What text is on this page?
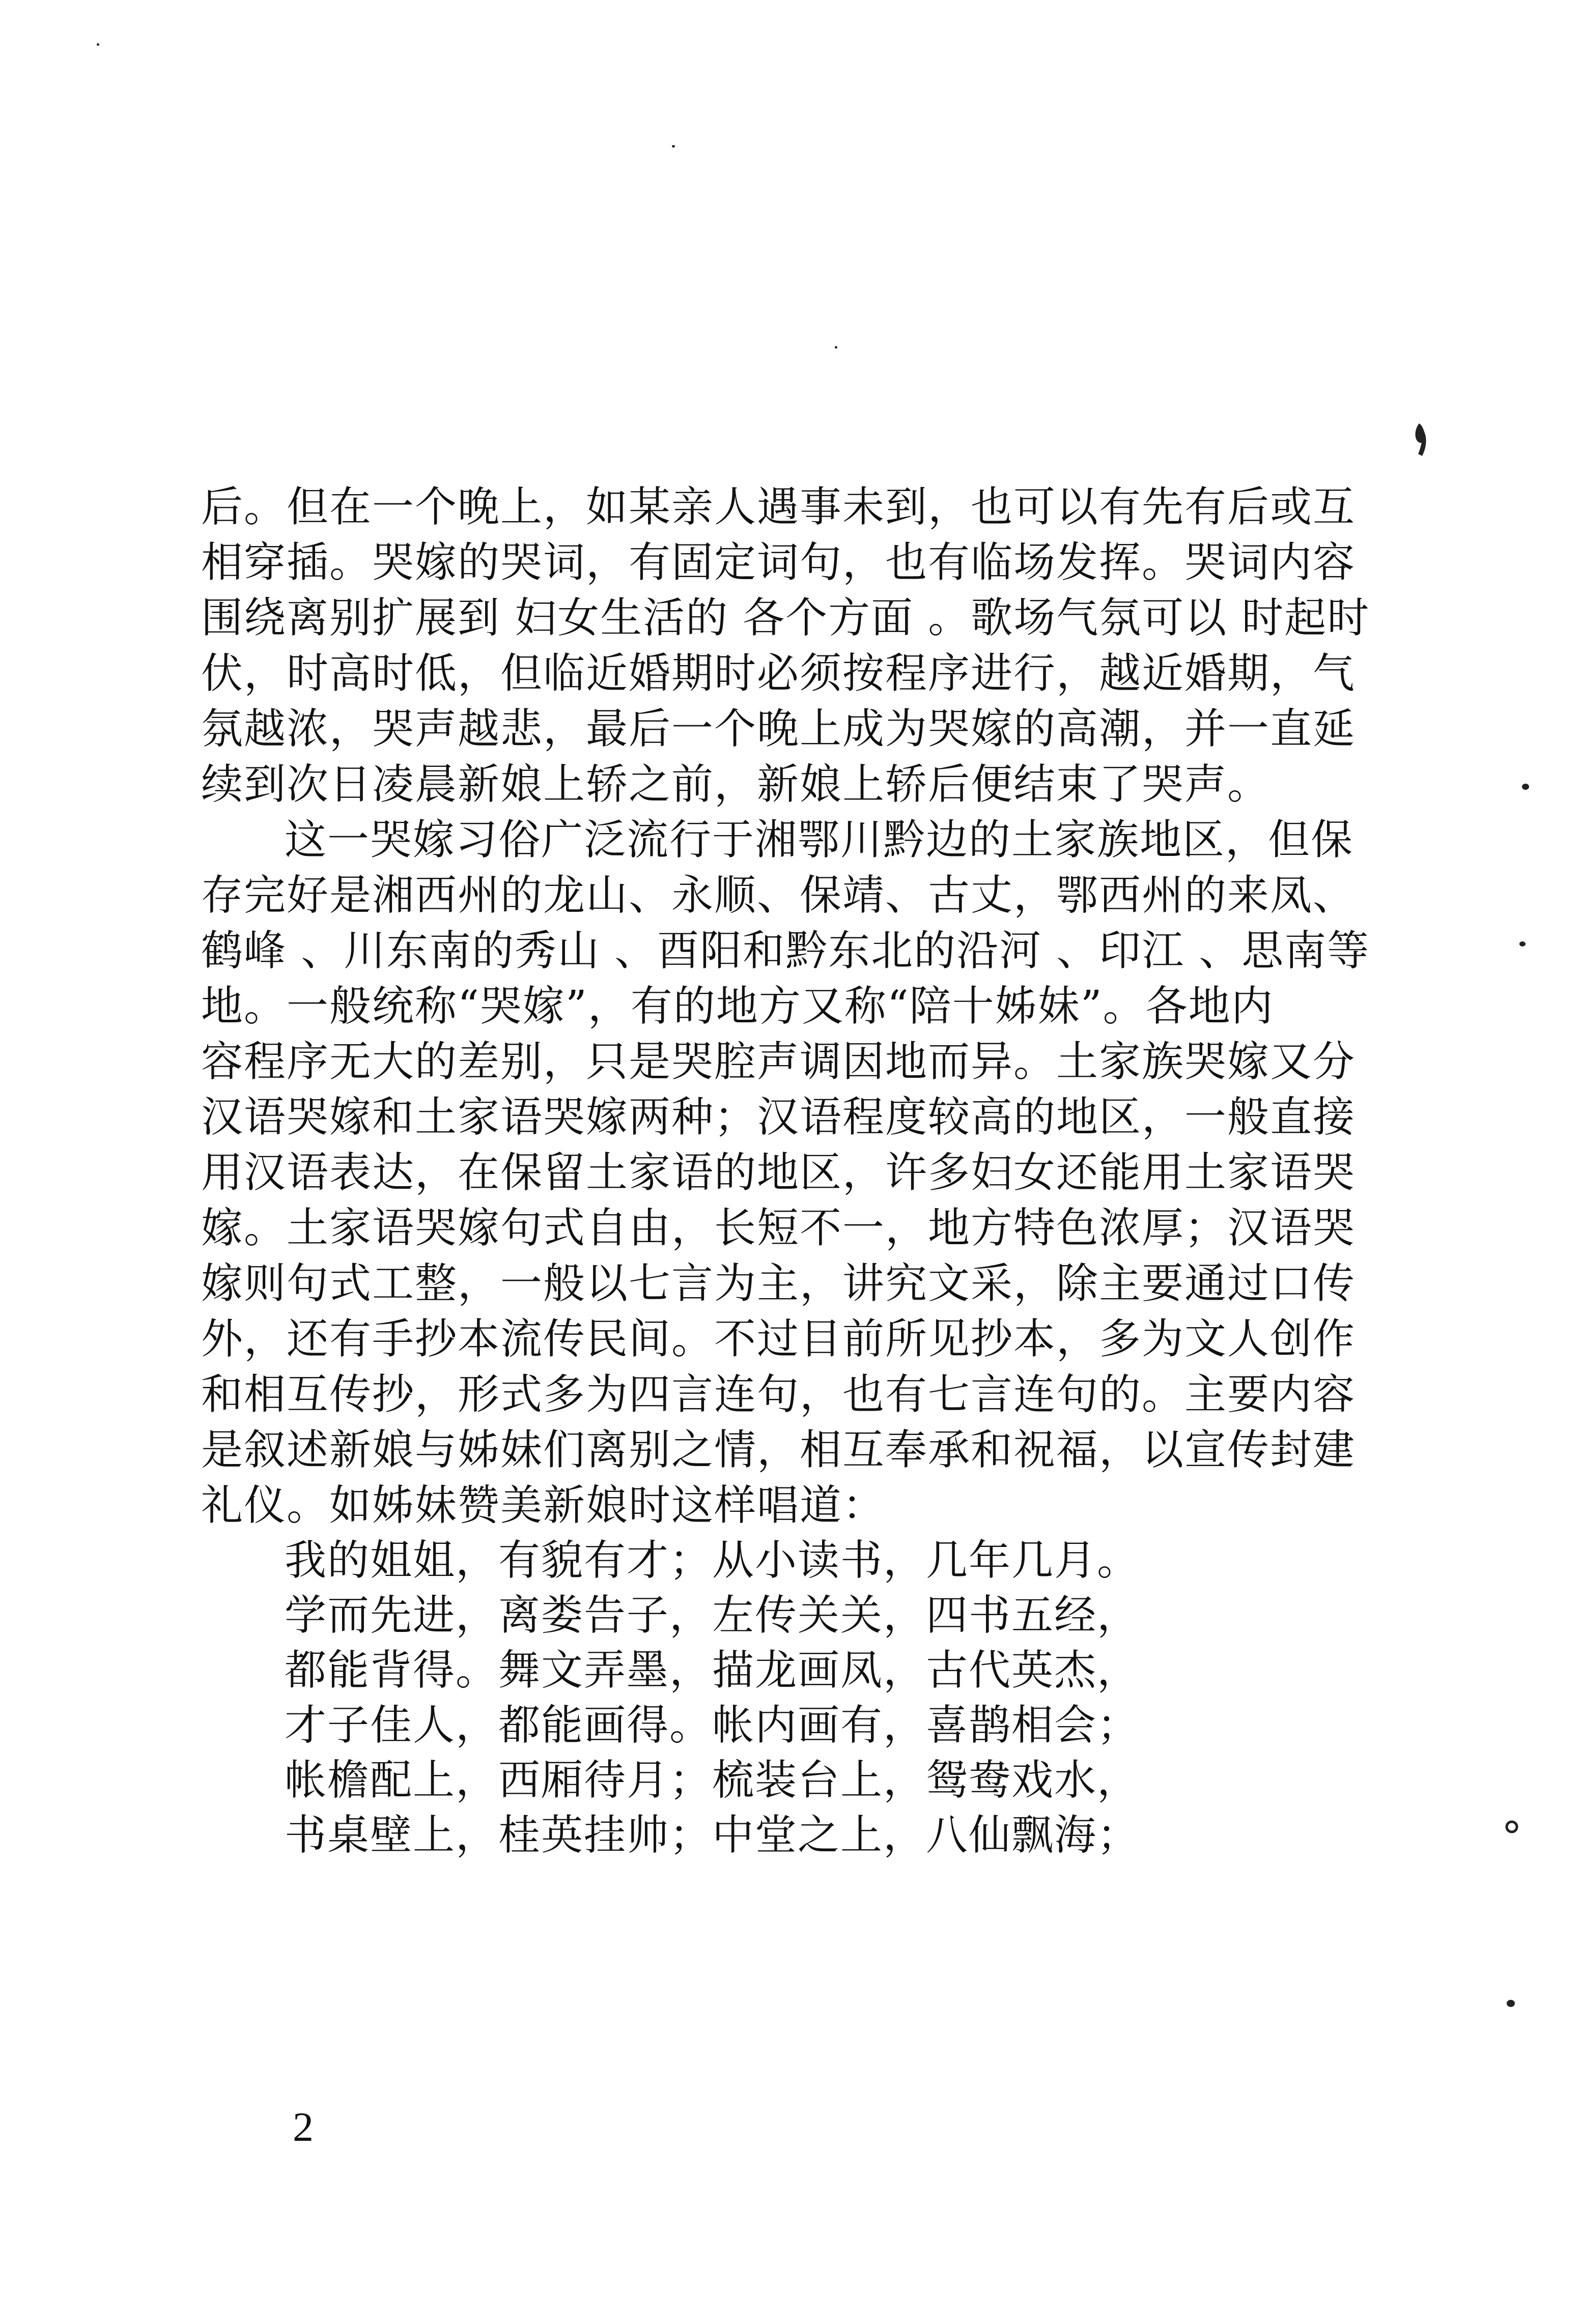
后。但在一个晚上，如某亲人遇事未到，也可以有先有后或互
相穿插。哭嫁的哭词，有固定词句，也有临场发挥。哭词内容
围绕离别扩展到 妇女生活的 各个方面 。歌场气氛可以 时起时
伏，时高时低，但临近婚期时必须按程序进行，越近婚期，气
氛越浓，哭声越悲，最后一个晚上成为哭嫁的高潮，并一直延
续到次日凌晨新娘上轿之前，新娘上轿后便结束了哭声。
这一哭嫁习俗广泛流行于湘鄂川黔边的土家族地区，但保
存完好是湘西州的龙山、永顺、保靖、古丈，鄂西州的来凤、
鹤峰 、川东南的秀山 、酉阳和黔东北的沿河 、印江 、思南等
地。一般统称“哭嫁”，有的地方又称“陪十姊妹”。各地内
容程序无大的差别，只是哭腔声调因地而异。土家族哭嫁又分
汉语哭嫁和土家语哭嫁两种；汉语程度较高的地区，一般直接
用汉语表达，在保留土家语的地区，许多妇女还能用土家语哭
嫁。土家语哭嫁句式自由，长短不一，地方特色浓厚；汉语哭
嫁则句式工整，一般以七言为主，讲究文采，除主要通过口传
外，还有手抄本流传民间。不过目前所见抄本，多为文人创作
和相互传抄，形式多为四言连句，也有七言连句的。主要内容
是叙述新娘与姊妹们离别之情，相互奉承和祝福，以宣传封建
礼仪。如姊妹赞美新娘时这样唱道：
我的姐姐，有貌有才；从小读书，几年几月。
学而先进，离娄告子，左传关关，四书五经，
都能背得。舞文弄墨，描龙画凤，古代英杰，
才子佳人，都能画得。帐内画有，喜鹊相会；
帐檐配上，西厢待月；梳装台上，鸳鸯戏水，
书桌壁上，桂英挂帅；中堂之上，八仙飘海；
2
